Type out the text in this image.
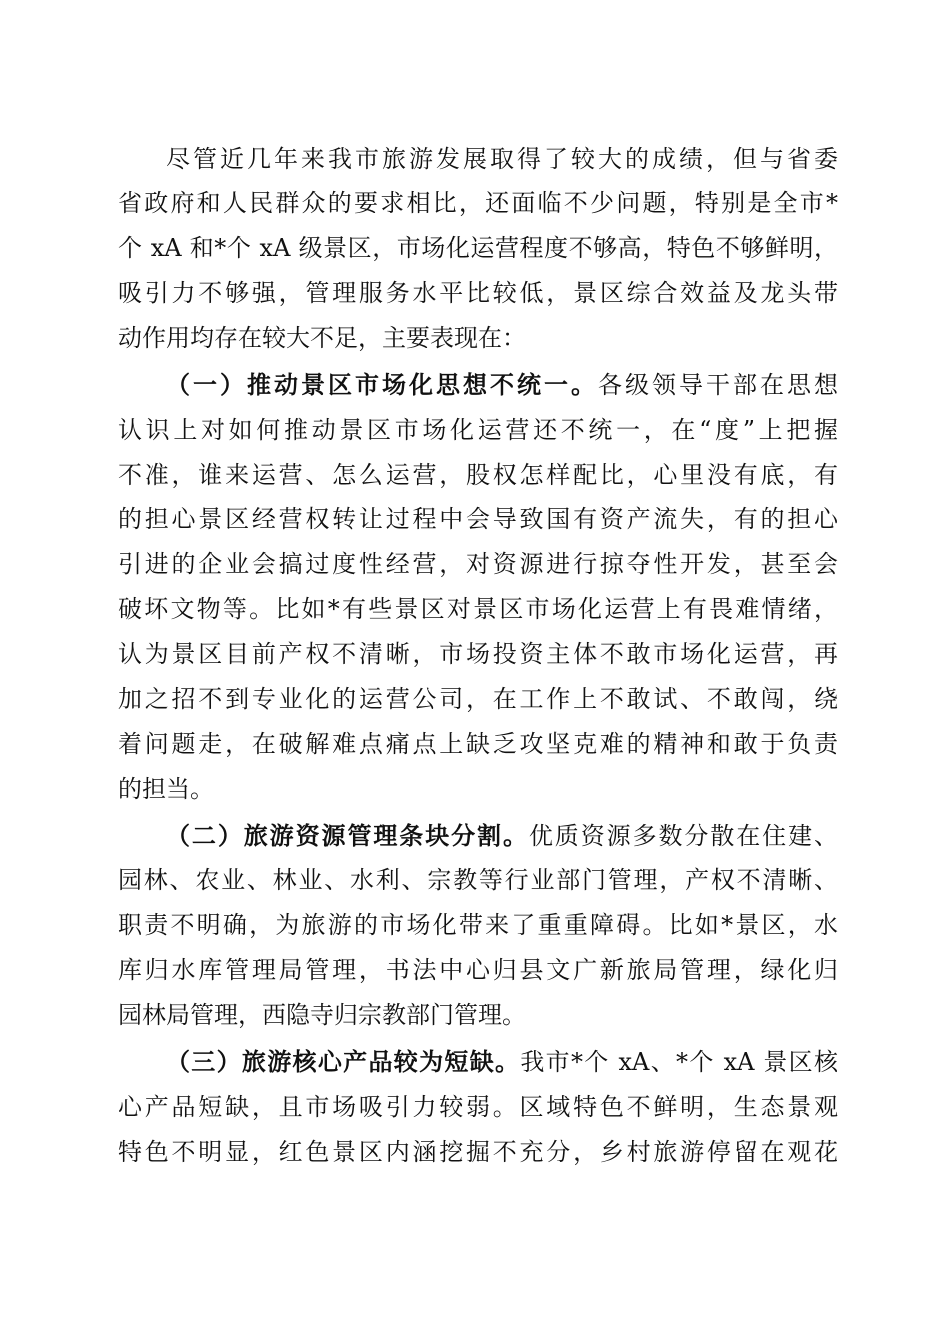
尽管近几年来我市旅游发展取得了较大的成绩，但与省委
省政府和人民群众的要求相比，还面临不少问题，特别是全市*
个 xA 和*个 xA 级景区，市场化运营程度不够高，特色不够鲜明，
吸引力不够强，管理服务水平比较低，景区综合效益及龙头带
动作用均存在较大不足，主要表现在：
（一）推动景区市场化思想不统一。各级领导干部在思想
认识上对如何推动景区市场化运营还不统一，在“度”上把握
不准，谁来运营、怎么运营，股权怎样配比，心里没有底，有
的担心景区经营权转让过程中会导致国有资产流失，有的担心
引进的企业会搞过度性经营，对资源进行掠夺性开发，甚至会
破坏文物等。比如*有些景区对景区市场化运营上有畏难情绪，
认为景区目前产权不清晰，市场投资主体不敢市场化运营，再
加之招不到专业化的运营公司，在工作上不敢试、不敢闯，绕
着问题走，在破解难点痛点上缺乏攻坚克难的精神和敢于负责
的担当。
（二）旅游资源管理条块分割。优质资源多数分散在住建、
园林、农业、林业、水利、宗教等行业部门管理，产权不清晰、
职责不明确，为旅游的市场化带来了重重障碍。比如*景区，水
库归水库管理局管理，书法中心归县文广新旅局管理，绿化归
园林局管理，西隐寺归宗教部门管理。
（三）旅游核心产品较为短缺。我市*个 xA、*个 xA 景区核
心产品短缺，且市场吸引力较弱。区域特色不鲜明，生态景观
特色不明显，红色景区内涵挖掘不充分，乡村旅游停留在观花
